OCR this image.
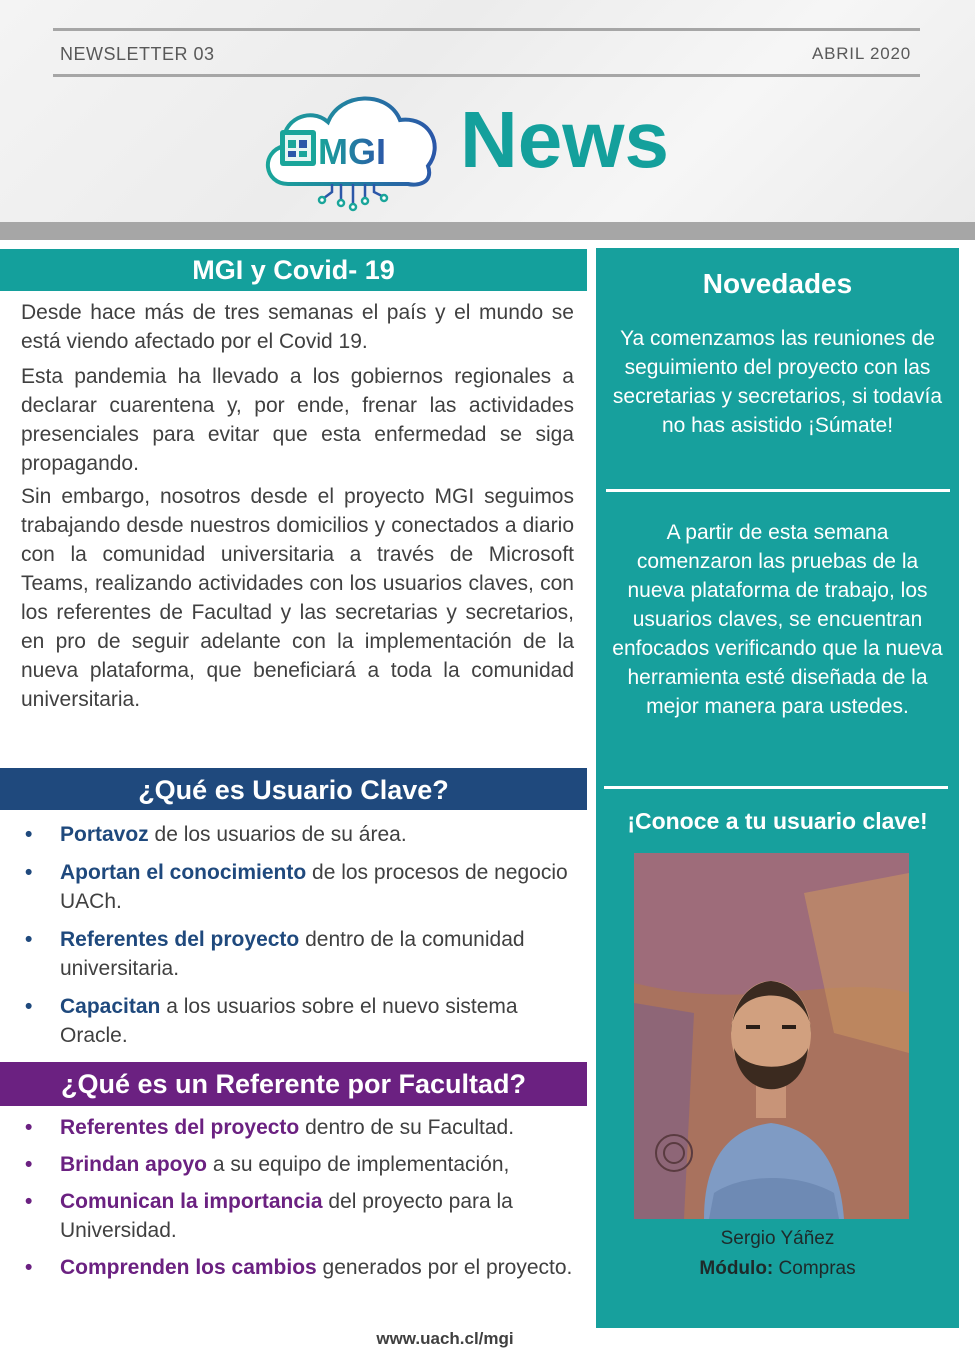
NEWSLETTER 03	ABRIL 2020
MGI News
MGI y Covid- 19
Desde hace más de tres semanas el país y el mundo se está viendo afectado por el Covid 19.
Esta pandemia ha llevado a los gobiernos regionales a declarar cuarentena y, por ende, frenar las actividades presenciales para evitar que esta enfermedad se siga propagando.
Sin embargo, nosotros desde el proyecto MGI seguimos trabajando desde nuestros domicilios y conectados a diario con la comunidad universitaria a través de Microsoft Teams, realizando actividades con los usuarios claves, con los referentes de Facultad y las secretarias y secretarios, en pro de seguir adelante con la implementación de la nueva plataforma, que beneficiará a toda la comunidad universitaria.
¿Qué es Usuario Clave?
• Portavoz de los usuarios de su área.
• Aportan el conocimiento de los procesos de negocio UACh.
• Referentes del proyecto dentro de la comunidad universitaria.
• Capacitan a los usuarios sobre el nuevo sistema Oracle.
¿Qué es un Referente por Facultad?
• Referentes del proyecto dentro de su Facultad.
• Brindan apoyo a su equipo de implementación,
• Comunican la importancia del proyecto para la Universidad.
• Comprenden los cambios generados por el proyecto.
www.uach.cl/mgi
Novedades
Ya comenzamos las reuniones de seguimiento del proyecto con las secretarias y secretarios, si todavía no has asistido ¡Súmate!
A partir de esta semana comenzaron las pruebas de la nueva plataforma de trabajo, los usuarios claves, se encuentran enfocados verificando que la nueva herramienta esté diseñada de la mejor manera para ustedes.
¡Conoce a tu usuario clave!
Sergio Yáñez
Módulo: Compras
